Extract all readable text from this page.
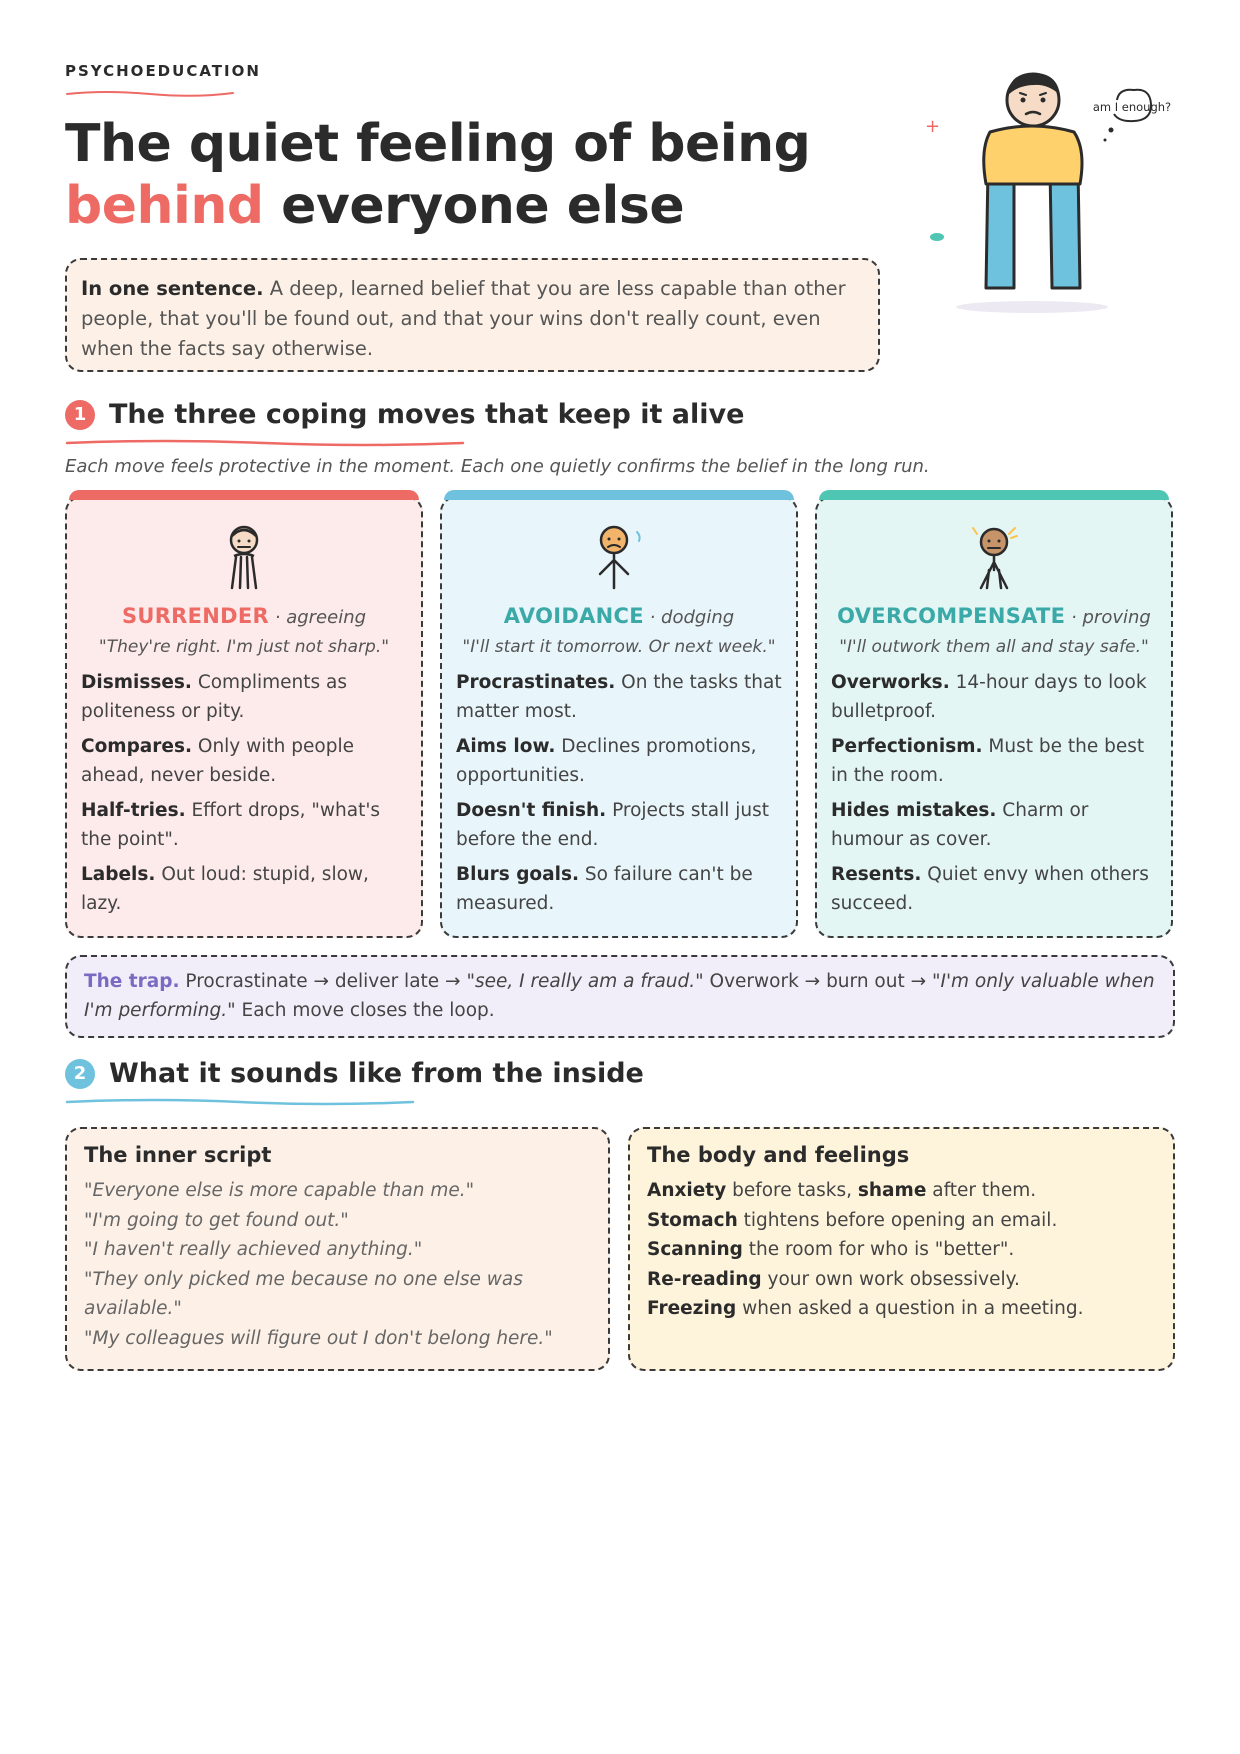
PSYCHOEDUCATION
The quiet feeling of being
behind everyone else
+
am I enough?
In one sentence. A deep, learned belief that you are less capable than other people, that you'll be found out, and that your wins don't really count, even when the facts say otherwise.
1 The three coping moves that keep it alive
Each move feels protective in the moment. Each one quietly confirms the belief in the long run.
SURRENDER · agreeing
"They're right. I'm just not sharp."
Dismisses. Compliments as politeness or pity.
Compares. Only with people ahead, never beside.
Half-tries. Effort drops, "what's the point".
Labels. Out loud: stupid, slow, lazy.
AVOIDANCE · dodging
"I'll start it tomorrow. Or next week."
Procrastinates. On the tasks that matter most.
Aims low. Declines promotions, opportunities.
Doesn't finish. Projects stall just before the end.
Blurs goals. So failure can't be measured.
OVERCOMPENSATE · proving
"I'll outwork them all and stay safe."
Overworks. 14-hour days to look bulletproof.
Perfectionism. Must be the best in the room.
Hides mistakes. Charm or humour as cover.
Resents. Quiet envy when others succeed.
The trap. Procrastinate → deliver late → "see, I really am a fraud." Overwork → burn out → "I'm only valuable when I'm performing." Each move closes the loop.
2 What it sounds like from the inside
The inner script
"Everyone else is more capable than me."
"I'm going to get found out."
"I haven't really achieved anything."
"They only picked me because no one else was available."
"My colleagues will figure out I don't belong here."
The body and feelings
Anxiety before tasks, shame after them.
Stomach tightens before opening an email.
Scanning the room for who is "better".
Re-reading your own work obsessively.
Freezing when asked a question in a meeting.
